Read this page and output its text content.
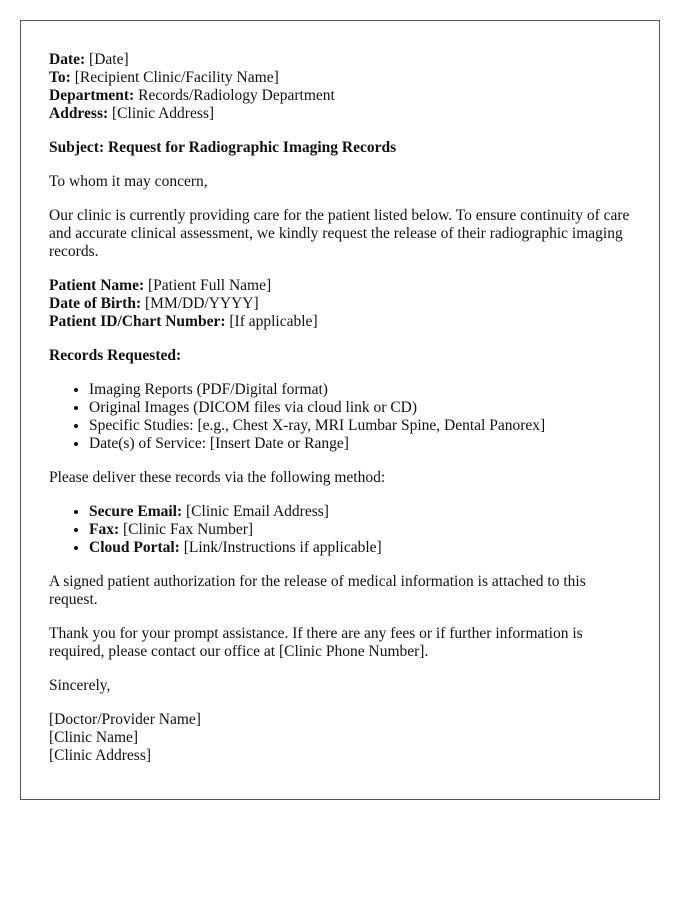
Date: [Date]
To: [Recipient Clinic/Facility Name]
Department: Records/Radiology Department
Address: [Clinic Address]

Subject: Request for Radiographic Imaging Records

To whom it may concern,

Our clinic is currently providing care for the patient listed below. To ensure continuity of care and accurate clinical assessment, we kindly request the release of their radiographic imaging records.

Patient Name: [Patient Full Name]
Date of Birth: [MM/DD/YYYY]
Patient ID/Chart Number: [If applicable]

Records Requested:

• Imaging Reports (PDF/Digital format)
• Original Images (DICOM files via cloud link or CD)
• Specific Studies: [e.g., Chest X-ray, MRI Lumbar Spine, Dental Panorex]
• Date(s) of Service: [Insert Date or Range]

Please deliver these records via the following method:

• Secure Email: [Clinic Email Address]
• Fax: [Clinic Fax Number]
• Cloud Portal: [Link/Instructions if applicable]

A signed patient authorization for the release of medical information is attached to this request.

Thank you for your prompt assistance. If there are any fees or if further information is required, please contact our office at [Clinic Phone Number].

Sincerely,

[Doctor/Provider Name]
[Clinic Name]
[Clinic Address]
